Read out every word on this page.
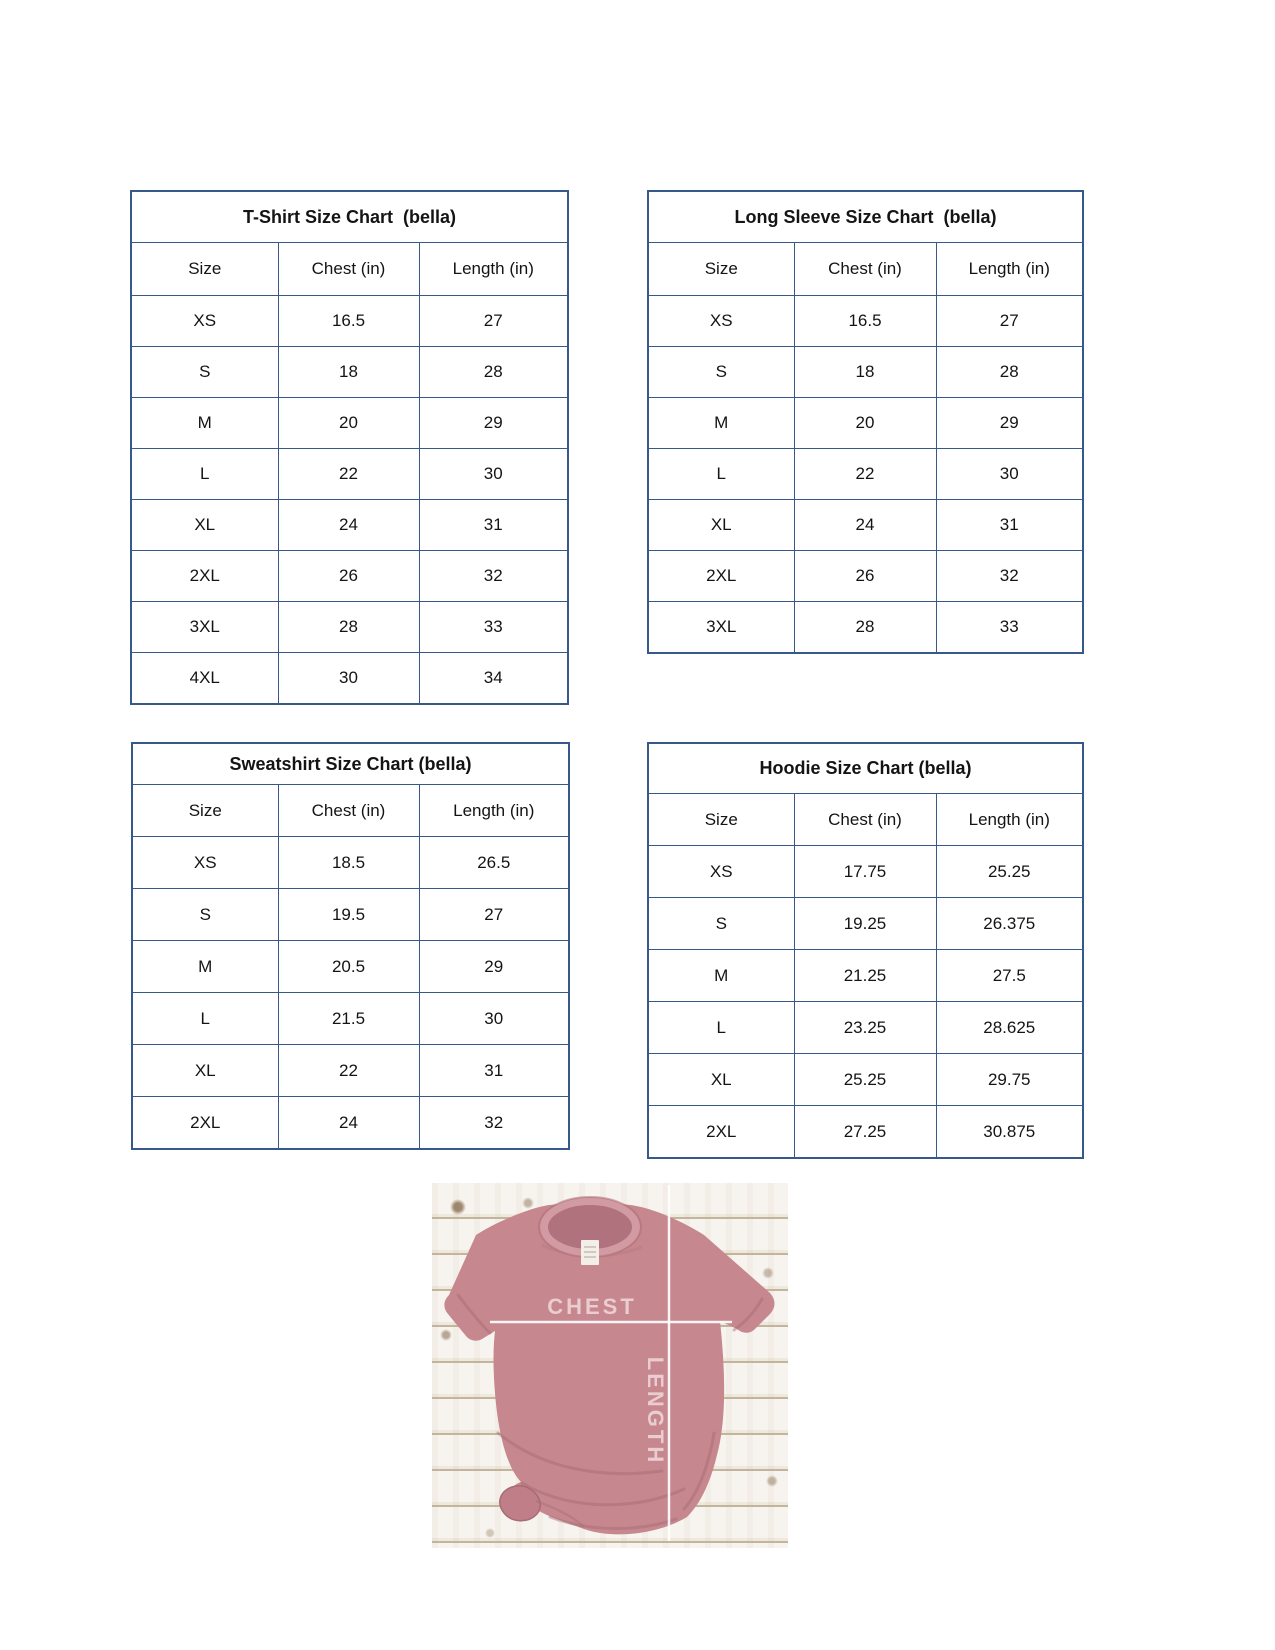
T-Shirt Size Chart  (bella)		
Size	Chest (in)	Length (in)
XS	16.5	27
S	18	28
M	20	29
L	22	30
XL	24	31
2XL	26	32
3XL	28	33
4XL	30	34
Long Sleeve Size Chart  (bella)		
Size	Chest (in)	Length (in)
XS	16.5	27
S	18	28
M	20	29
L	22	30
XL	24	31
2XL	26	32
3XL	28	33
Sweatshirt Size Chart (bella)		
Size	Chest (in)	Length (in)
XS	18.5	26.5
S	19.5	27
M	20.5	29
L	21.5	30
XL	22	31
2XL	24	32
Hoodie Size Chart (bella)		
Size	Chest (in)	Length (in)
XS	17.75	25.25
S	19.25	26.375
M	21.25	27.5
L	23.25	28.625
XL	25.25	29.75
2XL	27.25	30.875
CHEST
LENGTH
